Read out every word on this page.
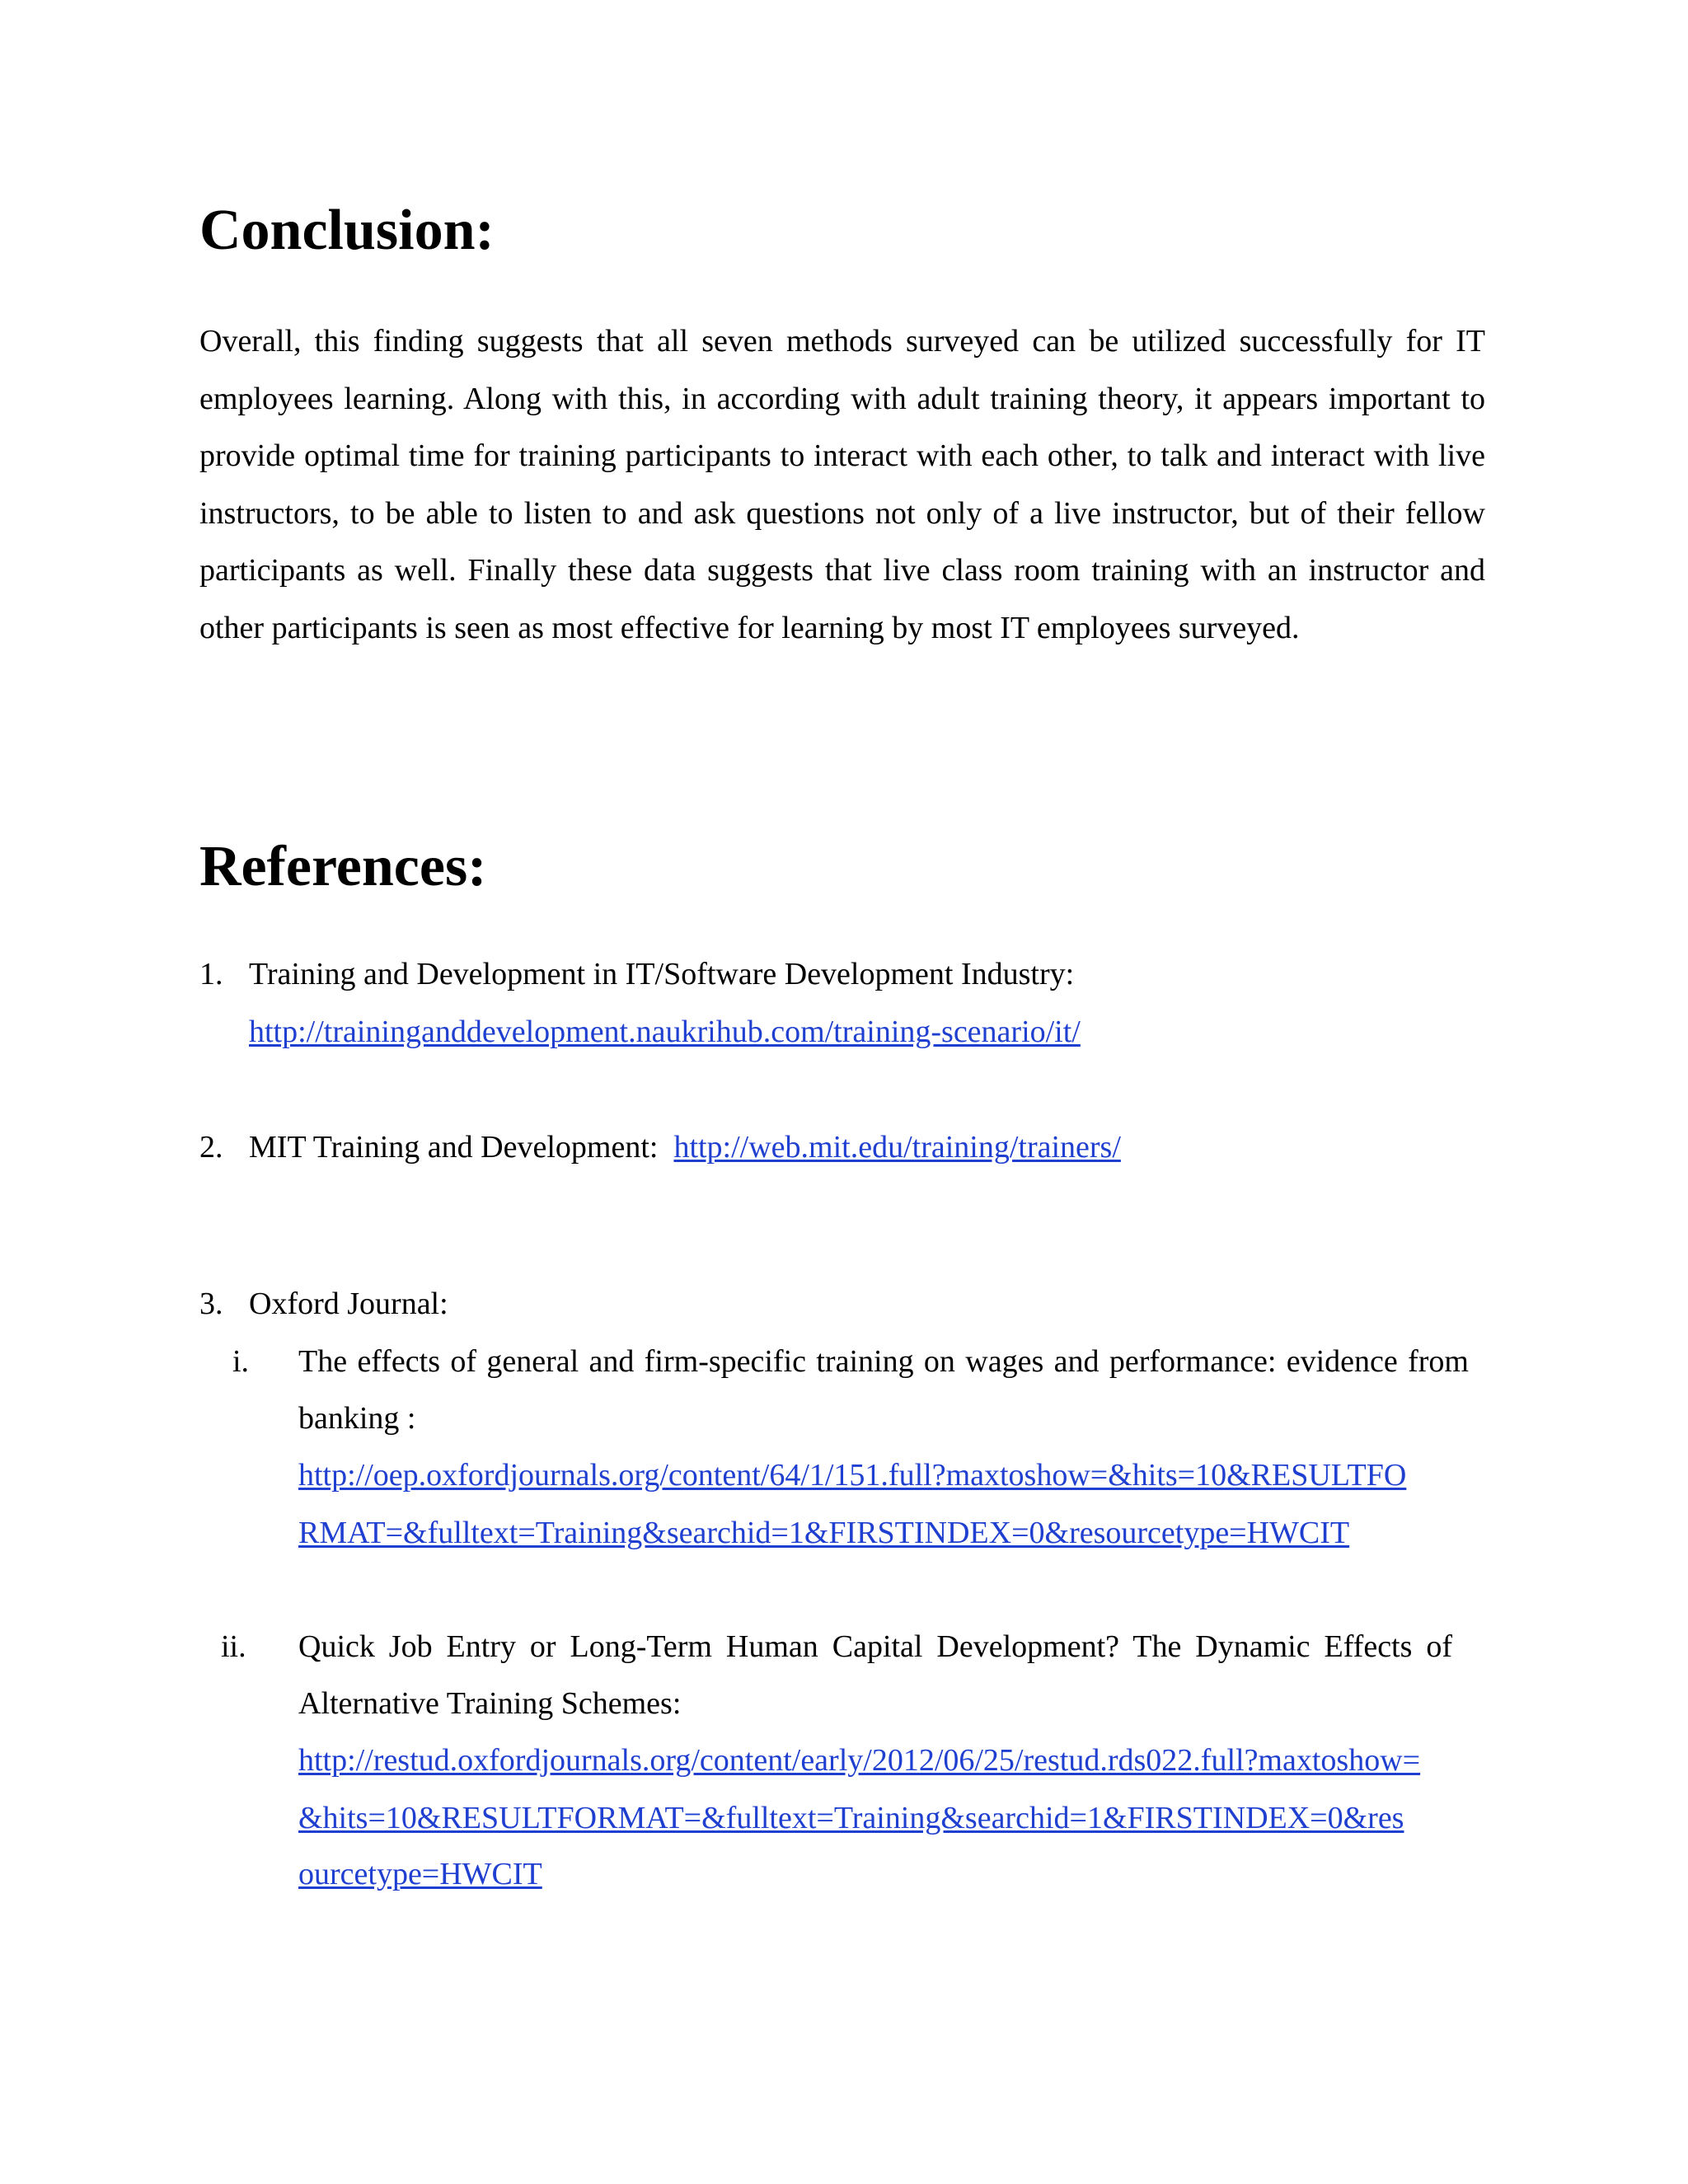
Conclusion:

Overall, this finding suggests that all seven methods surveyed can be utilized successfully for IT employees learning. Along with this, in according with adult training theory, it appears important to provide optimal time for training participants to interact with each other, to talk and interact with live instructors, to be able to listen to and ask questions not only of a live instructor, but of their fellow participants as well. Finally these data suggests that live class room training with an instructor and other participants is seen as most effective for learning by most IT employees surveyed.

References:
1. Training and Development in IT/Software Development Industry:
http://traininganddevelopment.naukrihub.com/training-scenario/it/
2. MIT Training and Development: http://web.mit.edu/training/trainers/
3. Oxford Journal:
i. The effects of general and firm-specific training on wages and performance: evidence from banking :
http://oep.oxfordjournals.org/content/64/1/151.full?maxtoshow=&hits=10&RESULTFO
RMAT=&fulltext=Training&searchid=1&FIRSTINDEX=0&resourcetype=HWCIT
ii. Quick Job Entry or Long-Term Human Capital Development? The Dynamic Effects of Alternative Training Schemes:
http://restud.oxfordjournals.org/content/early/2012/06/25/restud.rds022.full?maxtoshow=
&hits=10&RESULTFORMAT=&fulltext=Training&searchid=1&FIRSTINDEX=0&res
ourcetype=HWCIT
